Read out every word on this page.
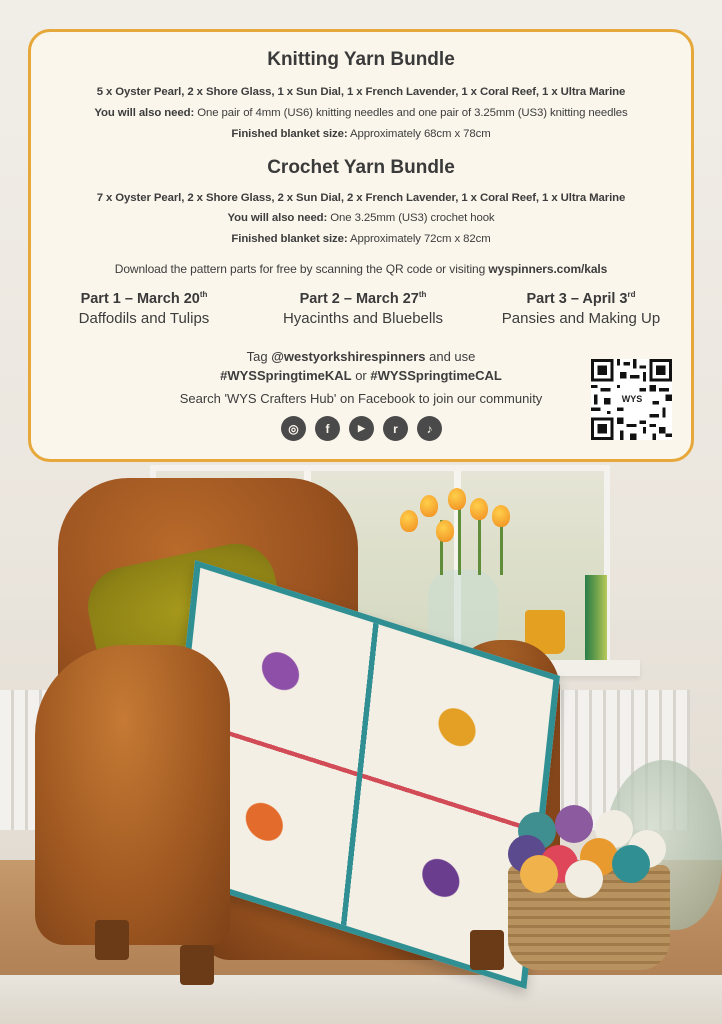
Knitting Yarn Bundle
5 x Oyster Pearl, 2 x Shore Glass, 1 x Sun Dial, 1 x French Lavender, 1 x Coral Reef, 1 x Ultra Marine
You will also need: One pair of 4mm (US6) knitting needles and one pair of 3.25mm (US3) knitting needles
Finished blanket size: Approximately 68cm x 78cm
Crochet Yarn Bundle
7 x Oyster Pearl, 2 x Shore Glass, 2 x Sun Dial, 2 x French Lavender, 1 x Coral Reef, 1 x Ultra Marine
You will also need: One 3.25mm (US3) crochet hook
Finished blanket size: Approximately 72cm x 82cm
Download the pattern parts for free by scanning the QR code or visiting wyspinners.com/kals
Part 1 – March 20th
Daffodils and Tulips
Part 2 – March 27th
Hyacinths and Bluebells
Part 3 – April 3rd
Pansies and Making Up
Tag @westyorkshirespinners and use
#WYSSpringtimeKAL or #WYSSpringtimeCAL
Search 'WYS Crafters Hub' on Facebook to join our community
◎	f	▶	r	♪
WYS
